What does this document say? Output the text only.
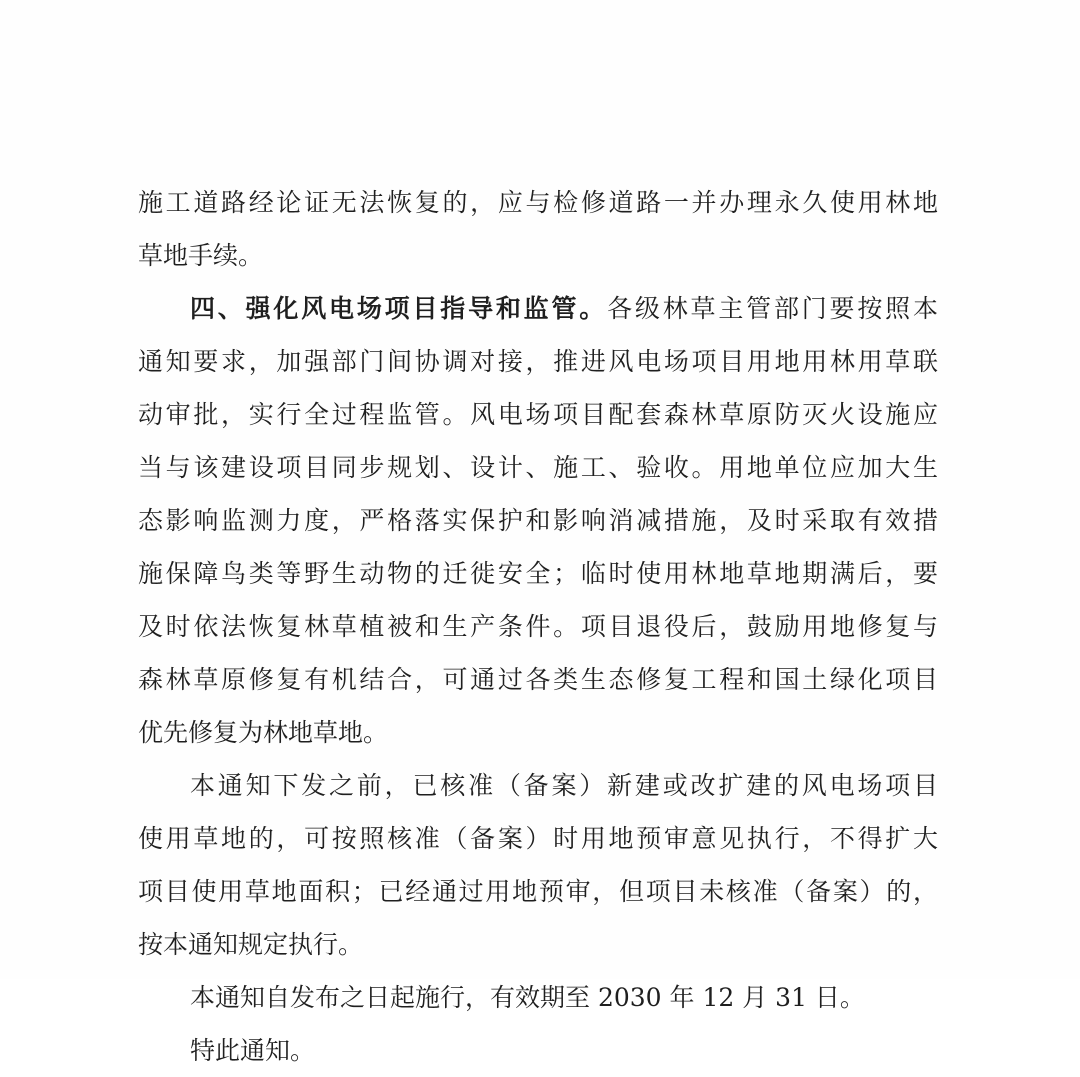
施工道路经论证无法恢复的，应与检修道路一并办理永久使用林地
草地手续。
四、强化风电场项目指导和监管。各级林草主管部门要按照本
通知要求，加强部门间协调对接，推进风电场项目用地用林用草联
动审批，实行全过程监管。风电场项目配套森林草原防灭火设施应
当与该建设项目同步规划、设计、施工、验收。用地单位应加大生
态影响监测力度，严格落实保护和影响消减措施，及时采取有效措
施保障鸟类等野生动物的迁徙安全；临时使用林地草地期满后，要
及时依法恢复林草植被和生产条件。项目退役后，鼓励用地修复与
森林草原修复有机结合，可通过各类生态修复工程和国土绿化项目
优先修复为林地草地。
本通知下发之前，已核准（备案）新建或改扩建的风电场项目
使用草地的，可按照核准（备案）时用地预审意见执行，不得扩大
项目使用草地面积；已经通过用地预审，但项目未核准（备案）的，
按本通知规定执行。
本通知自发布之日起施行，有效期至 2030 年 12 月 31 日。
特此通知。
